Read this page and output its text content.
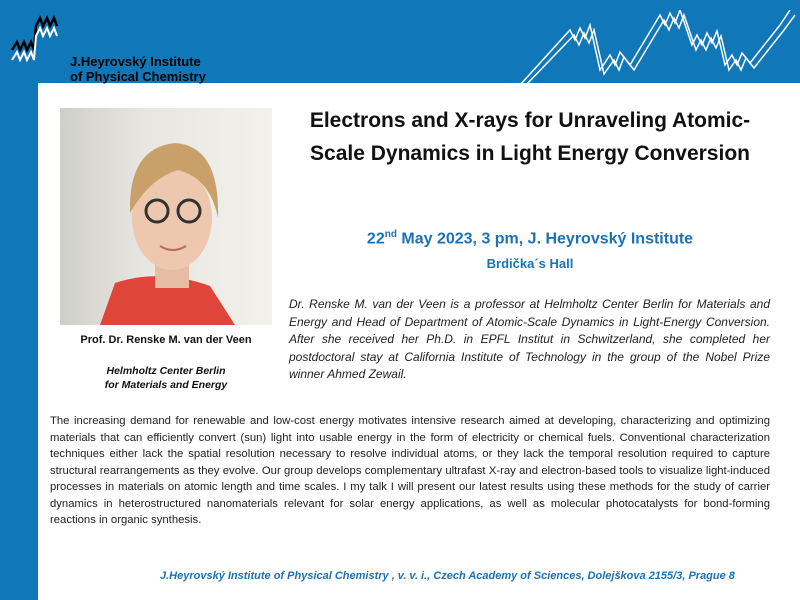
J.Heyrovský Institute
of Physical Chemistry
Prof. Dr. Renske M. van der Veen
Helmholtz Center Berlin
for Materials and Energy
Electrons and X-rays for Unraveling Atomic-Scale Dynamics in Light Energy Conversion
22nd May 2023, 3 pm, J. Heyrovský Institute
Brdička´s Hall
Dr. Renske M. van der Veen is a professor at Helmholtz Center Berlin for Materials and Energy and Head of Department of Atomic-Scale Dynamics in Light-Energy Conversion. After she received her Ph.D. in EPFL Institut in Schwitzerland, she completed her postdoctoral stay at California Institute of Technology in the group of the Nobel Prize winner Ahmed Zewail.
The increasing demand for renewable and low-cost energy motivates intensive research aimed at developing, characterizing and optimizing materials that can efficiently convert (sun) light into usable energy in the form of electricity or chemical fuels. Conventional characterization techniques either lack the spatial resolution necessary to resolve individual atoms, or they lack the temporal resolution required to capture structural rearrangements as they evolve. Our group develops complementary ultrafast X-ray and electron-based tools to visualize light-induced processes in materials on atomic length and time scales. I my talk I will present our latest results using these methods for the study of carrier dynamics in heterostructured nanomaterials relevant for solar energy applications, as well as molecular photocatalysts for bond-forming reactions in organic synthesis.
J.Heyrovský Institute of Physical Chemistry , v. v. i., Czech Academy of Sciences, Dolejškova 2155/3, Prague 8
